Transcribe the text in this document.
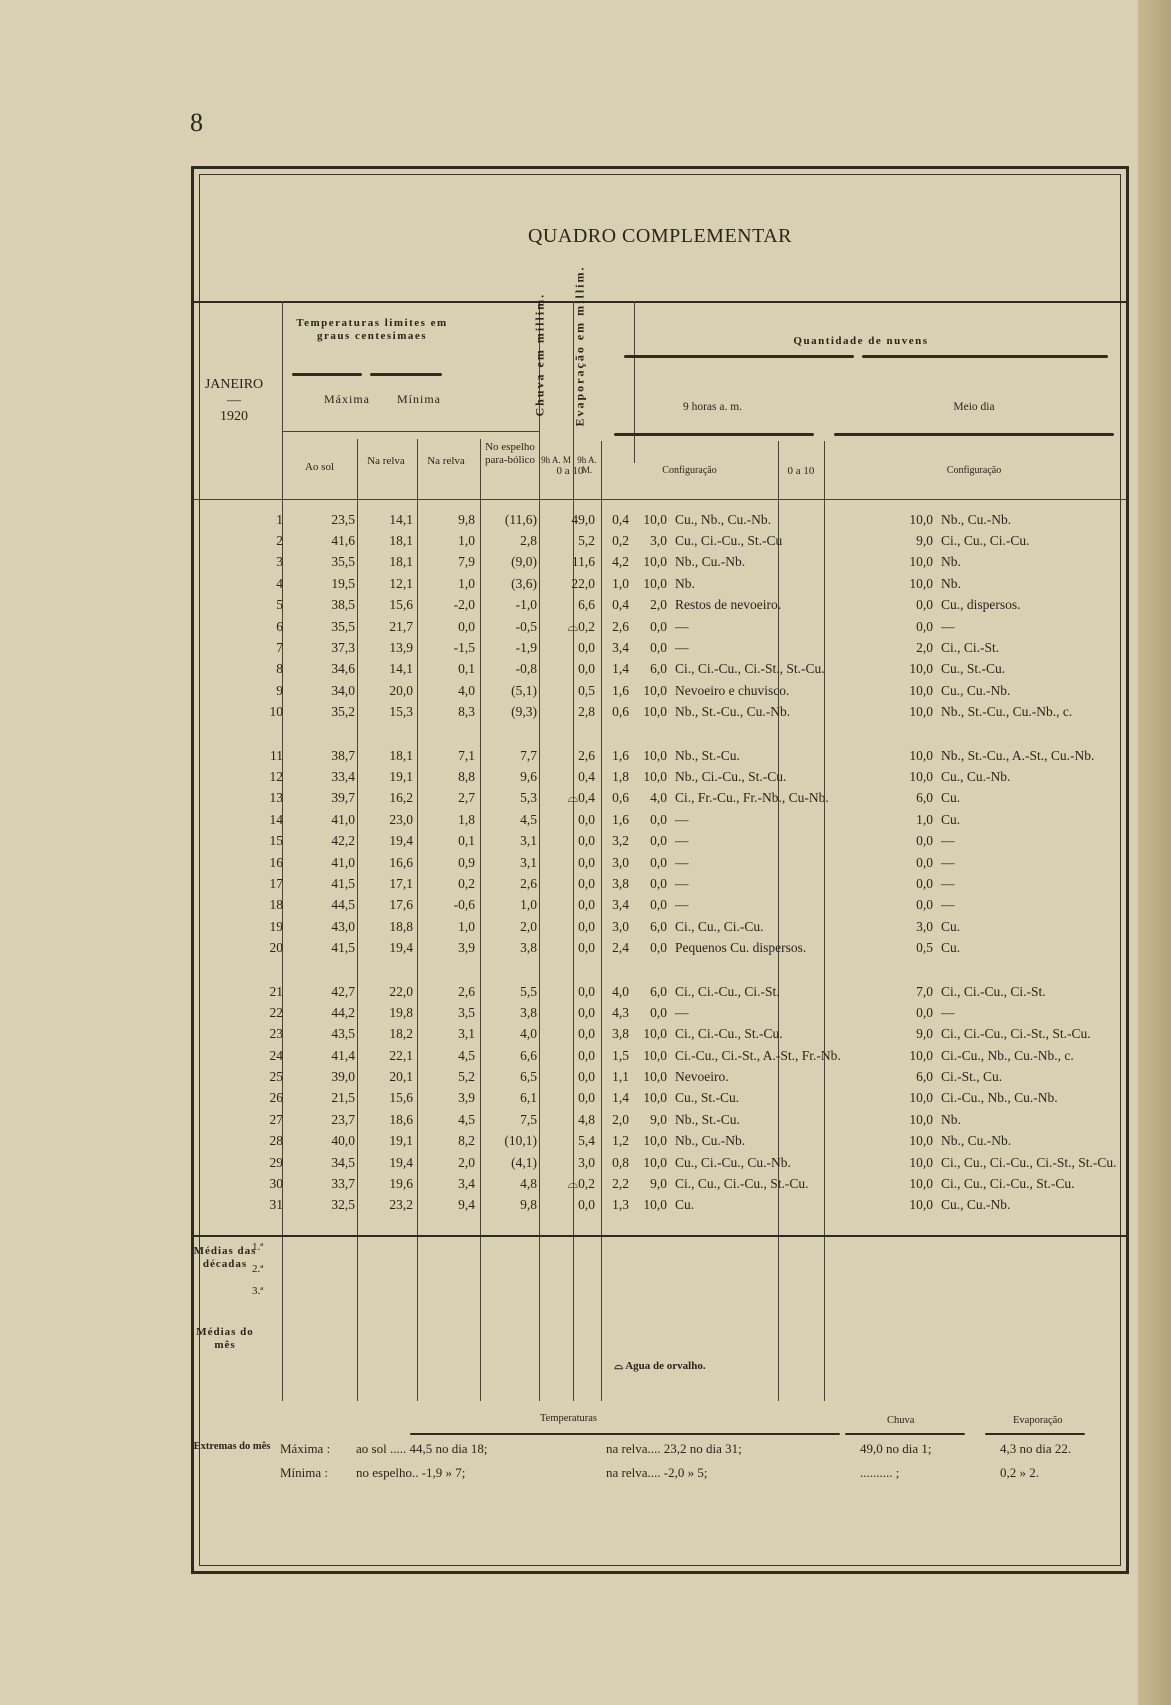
8
QUADRO COMPLEMENTAR
JANEIRO
—
1920
Temperaturas limites em graus centesimaes
Máxima	Mínima
Ao sol	Na relva	Na relva
No espelho para-bólico
Chuva em millim. Evaporação em millim.
9h A. M 9h A. M.
Quantidade de nuvens
9 horas a. m.	Meio dia
0 a 10	0 a 10
Configuração	Configuração
1	23,5	14,1	9,8	(11,6)	49,0	0,4	10,0	Cu., Nb., Cu.-Nb.	10,0	Nb., Cu.-Nb.
2	41,6	18,1	1,0	2,8	5,2	0,2	3,0	Cu., Ci.-Cu., St.-Cu	9,0	Ci., Cu., Ci.-Cu.
3	35,5	18,1	7,9	(9,0)	11,6	4,2	10,0	Nb., Cu.-Nb.	10,0	Nb.
4	19,5	12,1	1,0	(3,6)	22,0	1,0	10,0	Nb.	10,0	Nb.
5	38,5	15,6	-2,0	-1,0	6,6	0,4	2,0	Restos de nevoeiro.	0,0	Cu., dispersos.
6	35,5	21,7	0,0	-0,5	⌓0,2	2,6	0,0	—	0,0	—
7	37,3	13,9	-1,5	-1,9	0,0	3,4	0,0	—	2,0	Ci., Ci.-St.
8	34,6	14,1	0,1	-0,8	0,0	1,4	6,0	Ci., Ci.-Cu., Ci.-St., St.-Cu.	10,0	Cu., St.-Cu.
9	34,0	20,0	4,0	(5,1)	0,5	1,6	10,0	Nevoeiro e chuvisco.	10,0	Cu., Cu.-Nb.
10	35,2	15,3	8,3	(9,3)	2,8	0,6	10,0	Nb., St.-Cu., Cu.-Nb.	10,0	Nb., St.-Cu., Cu.-Nb., c.

11	38,7	18,1	7,1	7,7	2,6	1,6	10,0	Nb., St.-Cu.	10,0	Nb., St.-Cu., A.-St., Cu.-Nb.
12	33,4	19,1	8,8	9,6	0,4	1,8	10,0	Nb., Ci.-Cu., St.-Cu.	10,0	Cu., Cu.-Nb.
13	39,7	16,2	2,7	5,3	⌓0,4	0,6	4,0	Ci., Fr.-Cu., Fr.-Nb., Cu-Nb.	6,0	Cu.
14	41,0	23,0	1,8	4,5	0,0	1,6	0,0	—	1,0	Cu.
15	42,2	19,4	0,1	3,1	0,0	3,2	0,0	—	0,0	—
16	41,0	16,6	0,9	3,1	0,0	3,0	0,0	—	0,0	—
17	41,5	17,1	0,2	2,6	0,0	3,8	0,0	—	0,0	—
18	44,5	17,6	-0,6	1,0	0,0	3,4	0,0	—	0,0	—
19	43,0	18,8	1,0	2,0	0,0	3,0	6,0	Ci., Cu., Ci.-Cu.	3,0	Cu.
20	41,5	19,4	3,9	3,8	0,0	2,4	0,0	Pequenos Cu. dispersos.	0,5	Cu.

21	42,7	22,0	2,6	5,5	0,0	4,0	6,0	Ci., Ci.-Cu., Ci.-St.	7,0	Ci., Ci.-Cu., Ci.-St.
22	44,2	19,8	3,5	3,8	0,0	4,3	0,0	—	0,0	—
23	43,5	18,2	3,1	4,0	0,0	3,8	10,0	Ci., Ci.-Cu., St.-Cu.	9,0	Ci., Ci.-Cu., Ci.-St., St.-Cu.
24	41,4	22,1	4,5	6,6	0,0	1,5	10,0	Ci.-Cu., Ci.-St., A.-St., Fr.-Nb.	10,0	Ci.-Cu., Nb., Cu.-Nb., c.
25	39,0	20,1	5,2	6,5	0,0	1,1	10,0	Nevoeiro.	6,0	Ci.-St., Cu.
26	21,5	15,6	3,9	6,1	0,0	1,4	10,0	Cu., St.-Cu.	10,0	Ci.-Cu., Nb., Cu.-Nb.
27	23,7	18,6	4,5	7,5	4,8	2,0	9,0	Nb., St.-Cu.	10,0	Nb.
28	40,0	19,1	8,2	(10,1)	5,4	1,2	10,0	Nb., Cu.-Nb.	10,0	Nb., Cu.-Nb.
29	34,5	19,4	2,0	(4,1)	3,0	0,8	10,0	Cu., Ci.-Cu., Cu.-Nb.	10,0	Ci., Cu., Ci.-Cu., Ci.-St., St.-Cu.
30	33,7	19,6	3,4	4,8	⌓0,2	2,2	9,0	Ci., Cu., Ci.-Cu., St.-Cu.	10,0	Ci., Cu., Ci.-Cu., St.-Cu.
31	32,5	23,2	9,4	9,8	0,0	1,3	10,0	Cu.	10,0	Cu., Cu.-Nb.
Médias das décadas
Médias do mês
1.ª
2.ª
3.ª
Temperaturas	Chuva	Evaporação
Extremas do mês Máxima :
Mínima :
ao sol ..... 44,5 no dia 18;	na relva.... 23,2 no dia 31;	49,0 no dia 1;	4,3 no dia 22.
no espelho.. -1,9 » 7;	na relva.... -2,0 » 5;	.......... ;	0,2 » 2.
⌓ Agua de orvalho.
